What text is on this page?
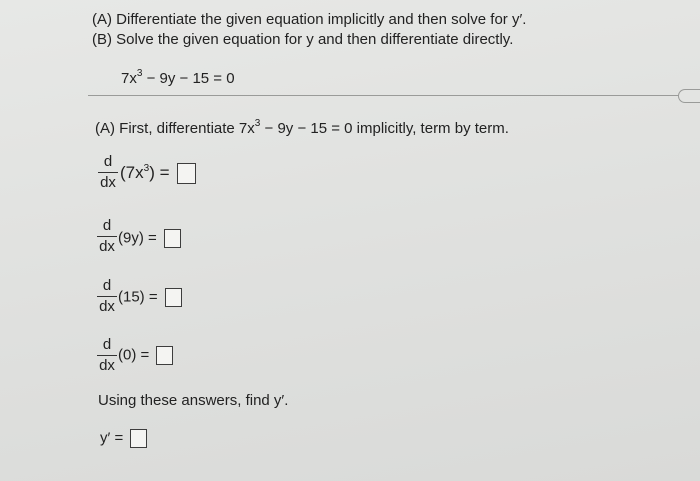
(A) Differentiate the given equation implicitly and then solve for y′.
(B) Solve the given equation for y and then differentiate directly.
$7x^3 - 9y - 15 = 0$
(A) First, differentiate $7x^3 - 9y - 15 = 0$ implicitly, term by term.
d
dx
$(7x^3)$ =
d
dx
(9y) =
d
dx
(15) =
d
dx
(0) =
Using these answers, find y′.
y′ =
